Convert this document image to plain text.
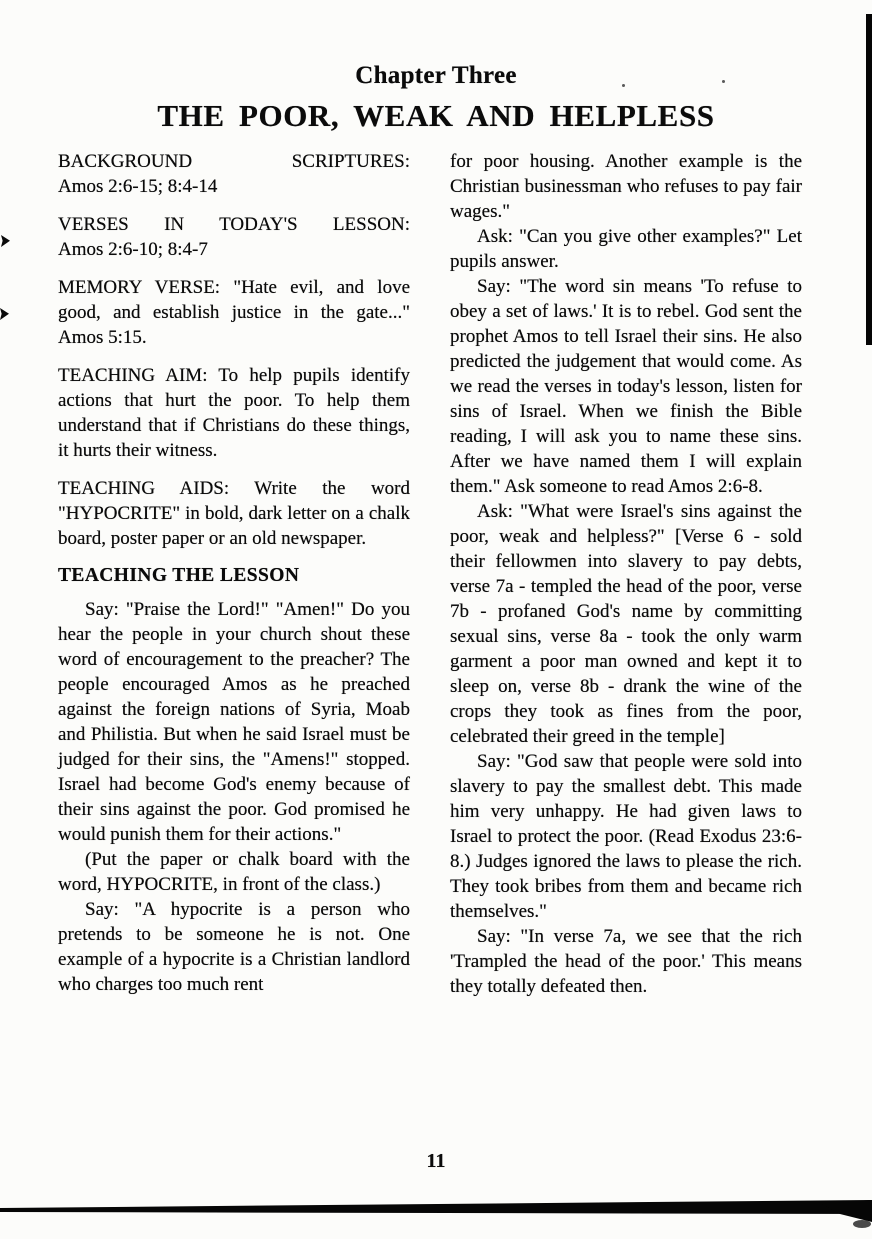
Chapter Three
THE POOR, WEAK AND HELPLESS

BACKGROUND SCRIPTURES:

Amos 2:6-15; 8:4-14

VERSES IN TODAY'S LESSON:

Amos 2:6-10; 8:4-7

MEMORY VERSE: "Hate evil, and love good, and establish justice in the gate..." Amos 5:15.

TEACHING AIM: To help pupils identify actions that hurt the poor. To help them understand that if Christians do these things, it hurts their witness.

TEACHING AIDS: Write the word "HYPOCRITE" in bold, dark letter on a chalk board, poster paper or an old newspaper.

TEACHING THE LESSON

Say: "Praise the Lord!" "Amen!" Do you hear the people in your church shout these word of encouragement to the preacher? The people encouraged Amos as he preached against the foreign nations of Syria, Moab and Philistia. But when he said Israel must be judged for their sins, the "Amens!" stopped. Israel had become God's enemy because of their sins against the poor. God promised he would punish them for their actions."

(Put the paper or chalk board with the word, HYPOCRITE, in front of the class.)

Say: "A hypocrite is a person who pretends to be someone he is not. One example of a hypocrite is a Christian landlord who charges too much rent

for poor housing. Another example is the Christian businessman who refuses to pay fair wages."

Ask: "Can you give other examples?" Let pupils answer.

Say: "The word sin means 'To refuse to obey a set of laws.' It is to rebel. God sent the prophet Amos to tell Israel their sins. He also predicted the judgement that would come. As we read the verses in today's lesson, listen for sins of Israel. When we finish the Bible reading, I will ask you to name these sins. After we have named them I will explain them." Ask someone to read Amos 2:6-8.

Ask: "What were Israel's sins against the poor, weak and helpless?" [Verse 6 - sold their fellowmen into slavery to pay debts, verse 7a - templed the head of the poor, verse 7b - profaned God's name by committing sexual sins, verse 8a - took the only warm garment a poor man owned and kept it to sleep on, verse 8b - drank the wine of the crops they took as fines from the poor, celebrated their greed in the temple]

Say: "God saw that people were sold into slavery to pay the smallest debt. This made him very unhappy. He had given laws to Israel to protect the poor. (Read Exodus 23:6-8.) Judges ignored the laws to please the rich. They took bribes from them and became rich themselves."

Say: "In verse 7a, we see that the rich 'Trampled the head of the poor.' This means they totally defeated then.

11
